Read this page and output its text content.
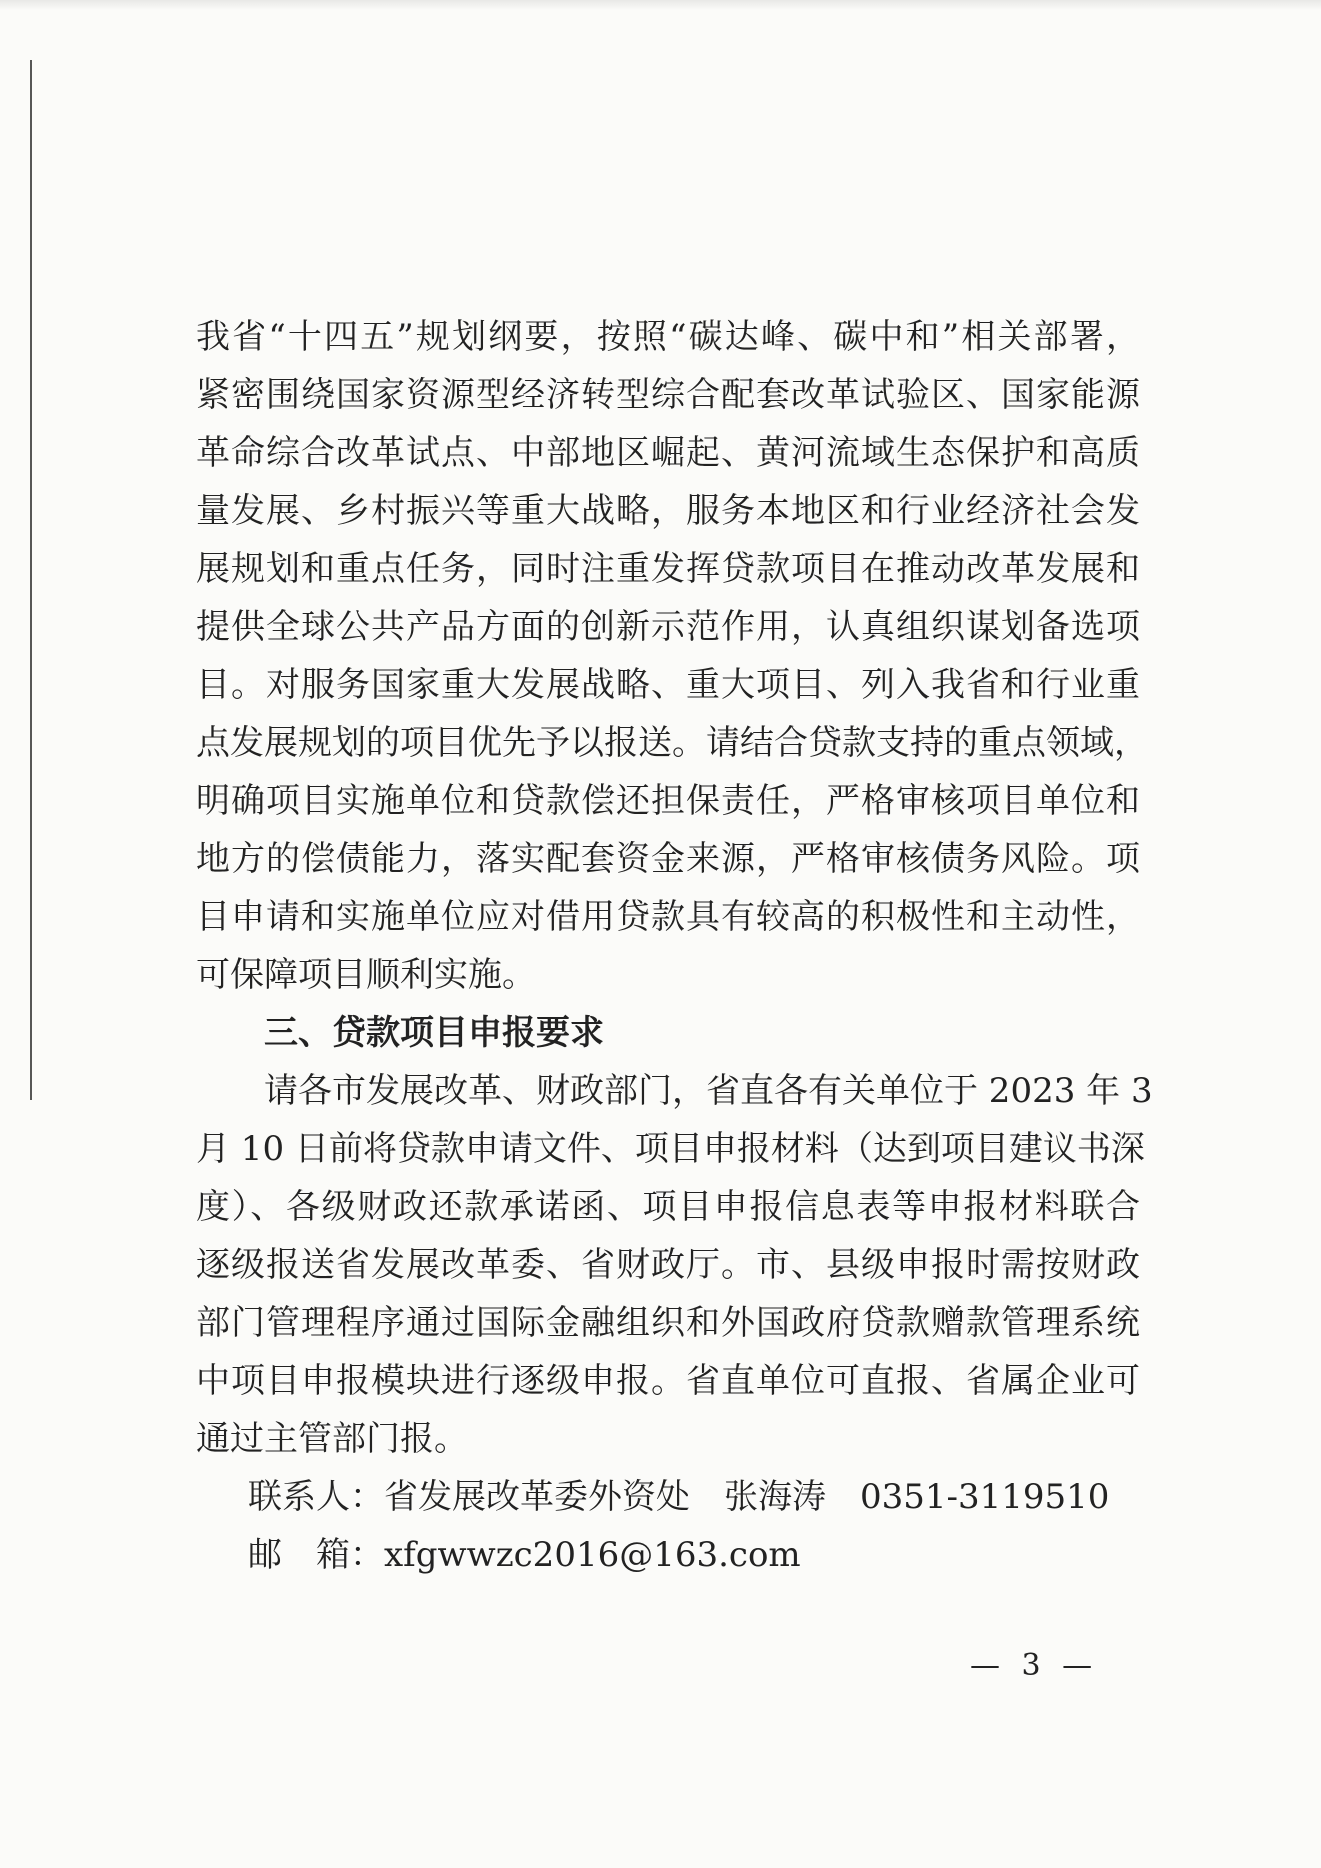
我省“十四五”规划纲要，按照“碳达峰、碳中和”相关部署，
紧密围绕国家资源型经济转型综合配套改革试验区、国家能源
革命综合改革试点、中部地区崛起、黄河流域生态保护和高质
量发展、乡村振兴等重大战略，服务本地区和行业经济社会发
展规划和重点任务，同时注重发挥贷款项目在推动改革发展和
提供全球公共产品方面的创新示范作用，认真组织谋划备选项
目。对服务国家重大发展战略、重大项目、列入我省和行业重
点发展规划的项目优先予以报送。请结合贷款支持的重点领域，
明确项目实施单位和贷款偿还担保责任，严格审核项目单位和
地方的偿债能力，落实配套资金来源，严格审核债务风险。项
目申请和实施单位应对借用贷款具有较高的积极性和主动性，
可保障项目顺利实施。
三、贷款项目申报要求
请各市发展改革、财政部门，省直各有关单位于 2023 年 3
月 10 日前将贷款申请文件、项目申报材料（达到项目建议书深
度）、各级财政还款承诺函、项目申报信息表等申报材料联合
逐级报送省发展改革委、省财政厅。市、县级申报时需按财政
部门管理程序通过国际金融组织和外国政府贷款赠款管理系统
中项目申报模块进行逐级申报。省直单位可直报、省属企业可
通过主管部门报。
联系人：省发展改革委外资处　张海涛　0351-3119510
邮　箱：xfgwwzc2016@163.com
— 3 —
